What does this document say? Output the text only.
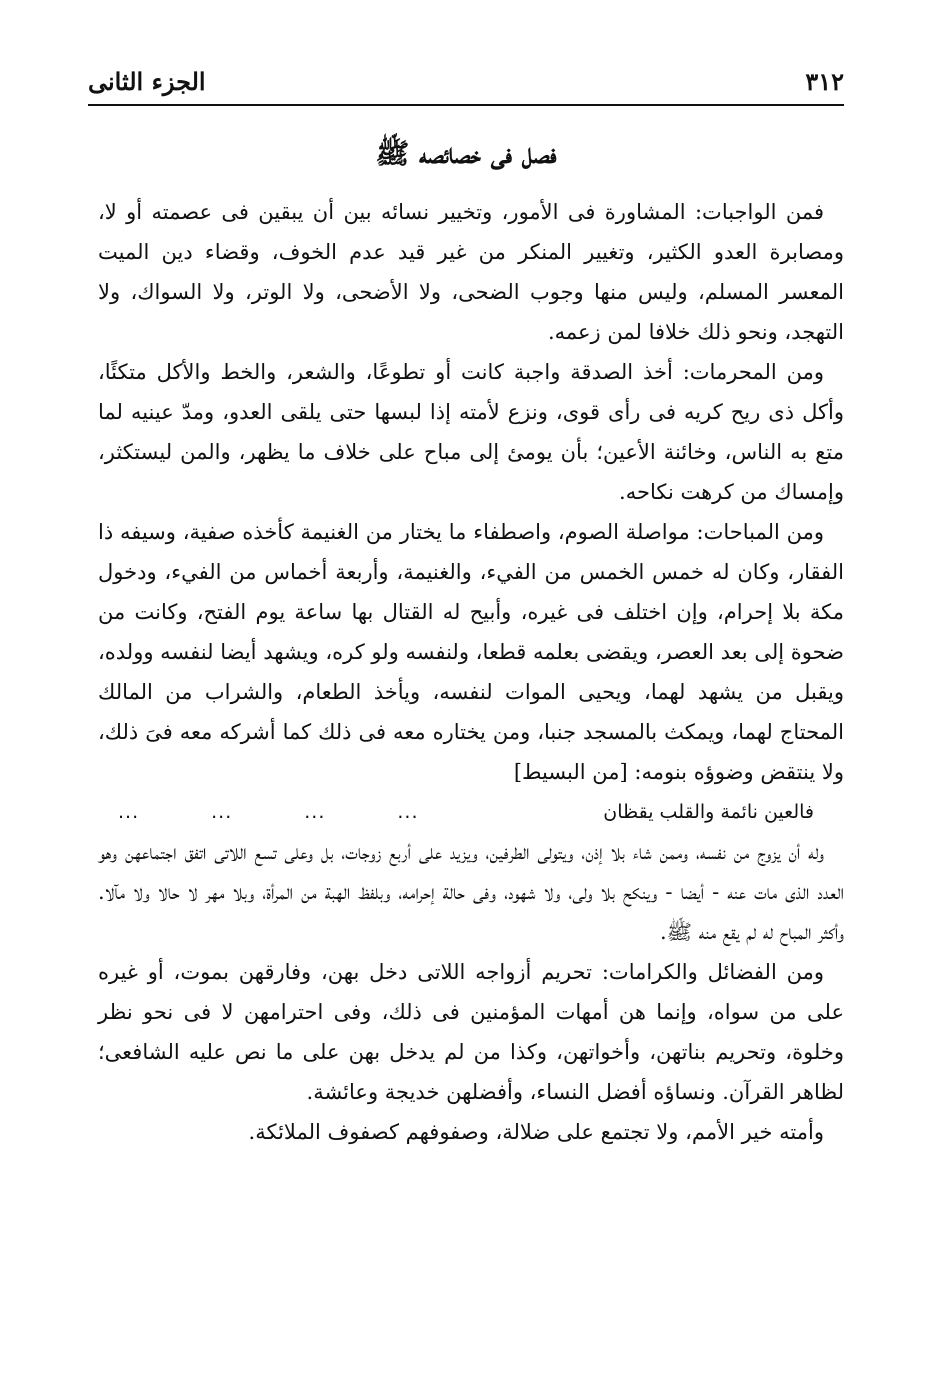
٣١٢
الجزء الثانى
فصل فى خصائصه ﷺ

فمن الواجبات: المشاورة فى الأمور، وتخيير نسائه بين أن يبقين فى عصمته أو لا، ومصابرة العدو الكثير، وتغيير المنكر من غير قيد عدم الخوف، وقضاء دين الميت المعسر المسلم، وليس منها وجوب الضحى، ولا الأضحى، ولا الوتر، ولا السواك، ولا التهجد، ونحو ذلك خلافا لمن زعمه.

ومن المحرمات: أخذ الصدقة واجبة كانت أو تطوعًا، والشعر، والخط والأكل متكئًا، وأكل ذى ريح كريه فى رأى قوى، ونزع لأمته إذا لبسها حتى يلقى العدو، ومدّ عينيه لما متع به الناس، وخائنة الأعين؛ بأن يومئ إلى مباح على خلاف ما يظهر، والمن ليستكثر، وإمساك من كرهت نكاحه.

ومن المباحات: مواصلة الصوم، واصطفاء ما يختار من الغنيمة كأخذه صفية، وسيفه ذا الفقار، وكان له خمس الخمس من الفيء، والغنيمة، وأربعة أخماس من الفيء، ودخول مكة بلا إحرام، وإن اختلف فى غيره، وأبيح له القتال بها ساعة يوم الفتح، وكانت من ضحوة إلى بعد العصر، ويقضى بعلمه قطعا، ولنفسه ولو كره، ويشهد أيضا لنفسه وولده، ويقبل من يشهد لهما، ويحيى الموات لنفسه، ويأخذ الطعام، والشراب من المالك المحتاج لهما، ويمكث بالمسجد جنبا، ومن يختاره معه فى ذلك كما أشركه معه فىَ ذلك، ولا ينتقض وضوؤه بنومه: [من البسيط]

فالعين نائمة والقلب يقظان
...
...
...
...

وله أن يزوج من نفسه، وممن شاء بلا إذن، ويتولى الطرفين، ويزيد على أربع زوجات، بل وعلى تسع اللاتى اتفق اجتماعهن وهو العدد الذى مات عنه - أيضا - وينكح بلا ولى، ولا شهود، وفى حالة إحرامه، وبلفظ الهبة من المرأة، وبلا مهر لا حالا ولا مآلا. وأكثر المباح له لم يقع منه ﷺ.

ومن الفضائل والكرامات: تحريم أزواجه اللاتى دخل بهن، وفارقهن بموت، أو غيره على من سواه، وإنما هن أمهات المؤمنين فى ذلك، وفى احترامهن لا فى نحو نظر وخلوة، وتحريم بناتهن، وأخواتهن، وكذا من لم يدخل بهن على ما نص عليه الشافعى؛ لظاهر القرآن. ونساؤه أفضل النساء، وأفضلهن خديجة وعائشة.

وأمته خير الأمم، ولا تجتمع على ضلالة، وصفوفهم كصفوف الملائكة.
